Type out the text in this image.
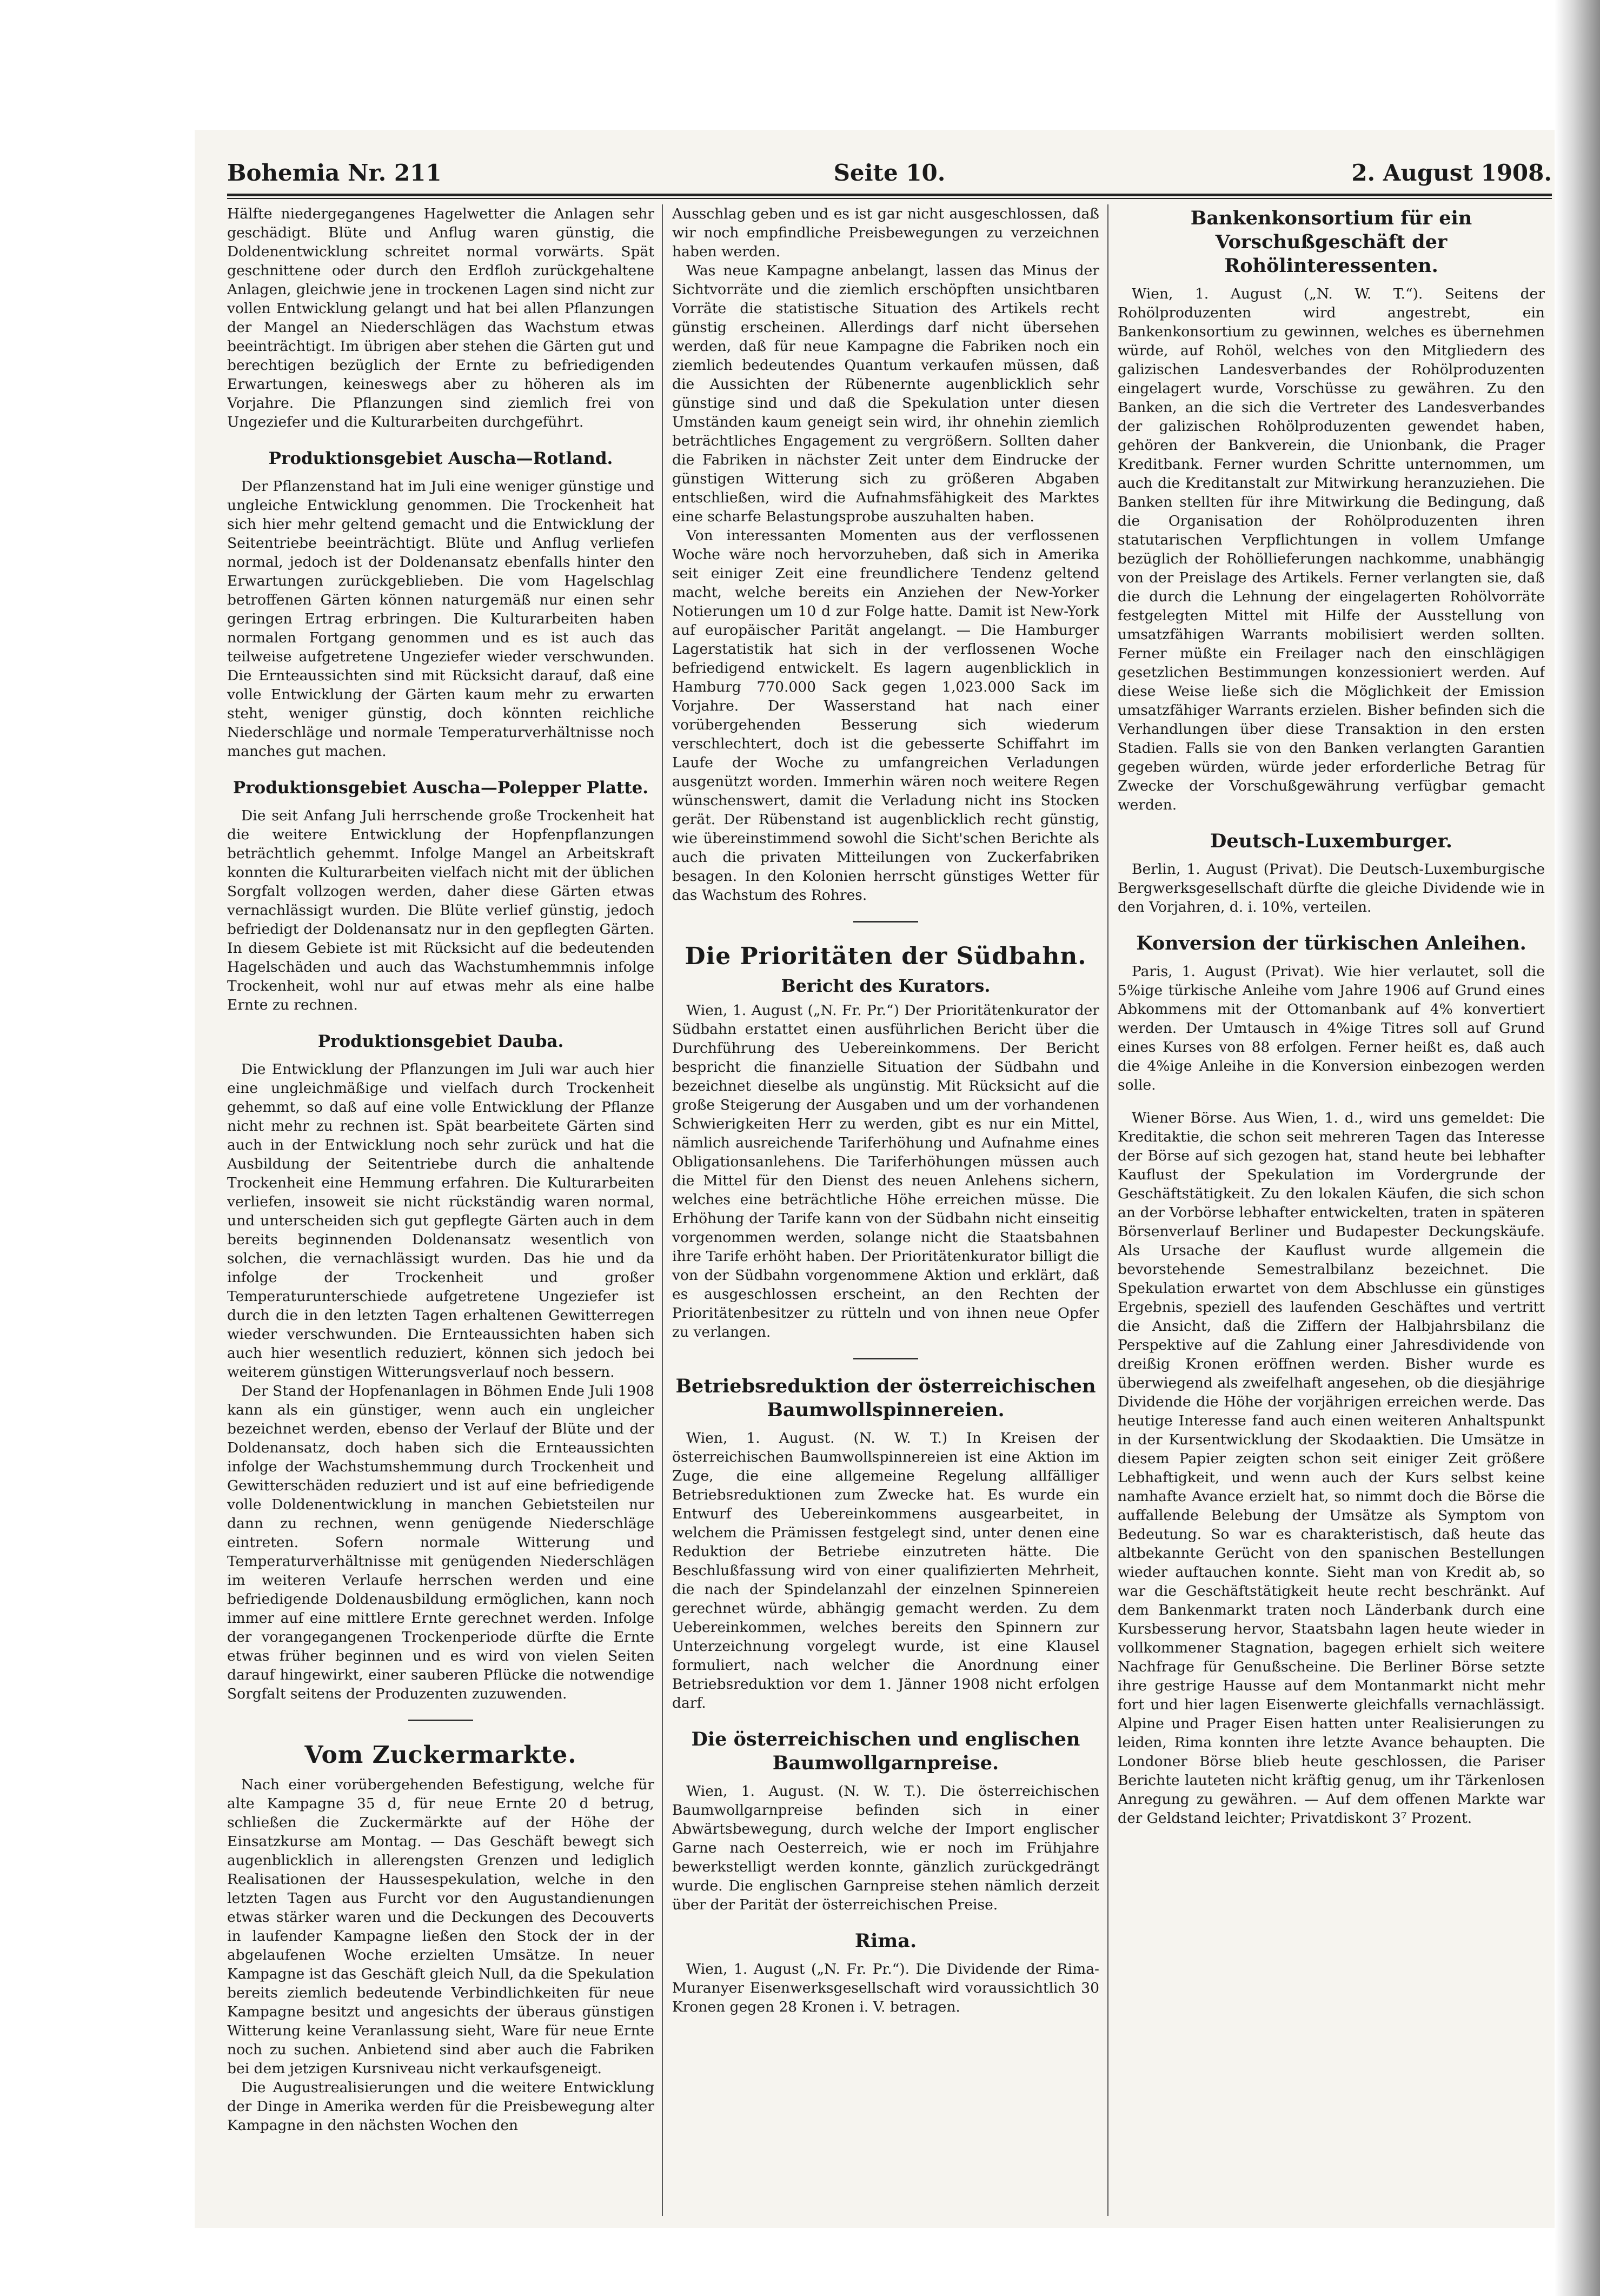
Bohemia Nr. 211	Seite 10.	2. August 1908.

Hälfte niedergegangenes Hagelwetter die Anlagen sehr geschädigt. Blüte und Anflug waren günstig, die Doldenentwicklung schreitet normal vorwärts. Spät geschnittene oder durch den Erdfloh zurückgehaltene Anlagen, gleichwie jene in trockenen Lagen sind nicht zur vollen Entwicklung gelangt und hat bei allen Pflanzungen der Mangel an Niederschlägen das Wachstum etwas beeinträchtigt. Im übrigen aber stehen die Gärten gut und berechtigen bezüglich der Ernte zu befriedigenden Erwartungen, keineswegs aber zu höheren als im Vorjahre. Die Pflanzungen sind ziemlich frei von Ungeziefer und die Kulturarbeiten durchgeführt.

Produktionsgebiet Auscha—Rotland.

Der Pflanzenstand hat im Juli eine weniger günstige und ungleiche Entwicklung genommen. Die Trockenheit hat sich hier mehr geltend gemacht und die Entwicklung der Seitentriebe beeinträchtigt. Blüte und Anflug verliefen normal, jedoch ist der Doldenansatz ebenfalls hinter den Erwartungen zurückgeblieben. Die vom Hagelschlag betroffenen Gärten können naturgemäß nur einen sehr geringen Ertrag erbringen. Die Kulturarbeiten haben normalen Fortgang genommen und es ist auch das teilweise aufgetretene Ungeziefer wieder verschwunden. Die Ernteaussichten sind mit Rücksicht darauf, daß eine volle Entwicklung der Gärten kaum mehr zu erwarten steht, weniger günstig, doch könnten reichliche Niederschläge und normale Temperaturverhältnisse noch manches gut machen.

Produktionsgebiet Auscha—Polepper Platte.

Die seit Anfang Juli herrschende große Trockenheit hat die weitere Entwicklung der Hopfenpflanzungen beträchtlich gehemmt. Infolge Mangel an Arbeitskraft konnten die Kulturarbeiten vielfach nicht mit der üblichen Sorgfalt vollzogen werden, daher diese Gärten etwas vernachlässigt wurden. Die Blüte verlief günstig, jedoch befriedigt der Doldenansatz nur in den gepflegten Gärten. In diesem Gebiete ist mit Rücksicht auf die bedeutenden Hagelschäden und auch das Wachstumhemmnis infolge Trockenheit, wohl nur auf etwas mehr als eine halbe Ernte zu rechnen.

Produktionsgebiet Dauba.

Die Entwicklung der Pflanzungen im Juli war auch hier eine ungleichmäßige und vielfach durch Trockenheit gehemmt, so daß auf eine volle Entwicklung der Pflanze nicht mehr zu rechnen ist. Spät bearbeitete Gärten sind auch in der Entwicklung noch sehr zurück und hat die Ausbildung der Seitentriebe durch die anhaltende Trockenheit eine Hemmung erfahren. Die Kulturarbeiten verliefen, insoweit sie nicht rückständig waren normal, und unterscheiden sich gut gepflegte Gärten auch in dem bereits beginnenden Doldenansatz wesentlich von solchen, die vernachlässigt wurden. Das hie und da infolge der Trockenheit und großer Temperaturunterschiede aufgetretene Ungeziefer ist durch die in den letzten Tagen erhaltenen Gewitterregen wieder verschwunden. Die Ernteaussichten haben sich auch hier wesentlich reduziert, können sich jedoch bei weiterem günstigen Witterungsverlauf noch bessern.

Der Stand der Hopfenanlagen in Böhmen Ende Juli 1908 kann als ein günstiger, wenn auch ein ungleicher bezeichnet werden, ebenso der Verlauf der Blüte und der Doldenansatz, doch haben sich die Ernteaussichten infolge der Wachstumshemmung durch Trockenheit und Gewitterschäden reduziert und ist auf eine befriedigende volle Doldenentwicklung in manchen Gebietsteilen nur dann zu rechnen, wenn genügende Niederschläge eintreten. Sofern normale Witterung und Temperaturverhältnisse mit genügenden Niederschlägen im weiteren Verlaufe herrschen werden und eine befriedigende Doldenausbildung ermöglichen, kann noch immer auf eine mittlere Ernte gerechnet werden. Infolge der vorangegangenen Trockenperiode dürfte die Ernte etwas früher beginnen und es wird von vielen Seiten darauf hingewirkt, einer sauberen Pflücke die notwendige Sorgfalt seitens der Produzenten zuzuwenden.

Vom Zuckermarkte.

Nach einer vorübergehenden Befestigung, welche für alte Kampagne 35 d, für neue Ernte 20 d betrug, schließen die Zuckermärkte auf der Höhe der Einsatzkurse am Montag. — Das Geschäft bewegt sich augenblicklich in allerengsten Grenzen und lediglich Realisationen der Haussespekulation, welche in den letzten Tagen aus Furcht vor den Augustandienungen etwas stärker waren und die Deckungen des Decouverts in laufender Kampagne ließen den Stock der in der abgelaufenen Woche erzielten Umsätze. In neuer Kampagne ist das Geschäft gleich Null, da die Spekulation bereits ziemlich bedeutende Verbindlichkeiten für neue Kampagne besitzt und angesichts der überaus günstigen Witterung keine Veranlassung sieht, Ware für neue Ernte noch zu suchen. Anbietend sind aber auch die Fabriken bei dem jetzigen Kursniveau nicht verkaufsgeneigt.

Die Augustrealisierungen und die weitere Entwicklung der Dinge in Amerika werden für die Preisbewegung alter Kampagne in den nächsten Wochen den

Ausschlag geben und es ist gar nicht ausgeschlossen, daß wir noch empfindliche Preisbewegungen zu verzeichnen haben werden.

Was neue Kampagne anbelangt, lassen das Minus der Sichtvorräte und die ziemlich erschöpften unsichtbaren Vorräte die statistische Situation des Artikels recht günstig erscheinen. Allerdings darf nicht übersehen werden, daß für neue Kampagne die Fabriken noch ein ziemlich bedeutendes Quantum verkaufen müssen, daß die Aussichten der Rübenernte augenblicklich sehr günstige sind und daß die Spekulation unter diesen Umständen kaum geneigt sein wird, ihr ohnehin ziemlich beträchtliches Engagement zu vergrößern. Sollten daher die Fabriken in nächster Zeit unter dem Eindrucke der günstigen Witterung sich zu größeren Abgaben entschließen, wird die Aufnahmsfähigkeit des Marktes eine scharfe Belastungsprobe auszuhalten haben.

Von interessanten Momenten aus der verflossenen Woche wäre noch hervorzuheben, daß sich in Amerika seit einiger Zeit eine freundlichere Tendenz geltend macht, welche bereits ein Anziehen der New-Yorker Notierungen um 10 d zur Folge hatte. Damit ist New-York auf europäischer Parität angelangt. — Die Hamburger Lagerstatistik hat sich in der verflossenen Woche befriedigend entwickelt. Es lagern augenblicklich in Hamburg 770.000 Sack gegen 1,023.000 Sack im Vorjahre. Der Wasserstand hat nach einer vorübergehenden Besserung sich wiederum verschlechtert, doch ist die gebesserte Schiffahrt im Laufe der Woche zu umfangreichen Verladungen ausgenützt worden. Immerhin wären noch weitere Regen wünschenswert, damit die Verladung nicht ins Stocken gerät. Der Rübenstand ist augenblicklich recht günstig, wie übereinstimmend sowohl die Sicht'schen Berichte als auch die privaten Mitteilungen von Zuckerfabriken besagen. In den Kolonien herrscht günstiges Wetter für das Wachstum des Rohres.

Die Prioritäten der Südbahn.
Bericht des Kurators.

Wien, 1. August („N. Fr. Pr.“) Der Prioritätenkurator der Südbahn erstattet einen ausführlichen Bericht über die Durchführung des Uebereinkommens. Der Bericht bespricht die finanzielle Situation der Südbahn und bezeichnet dieselbe als ungünstig. Mit Rücksicht auf die große Steigerung der Ausgaben und um der vorhandenen Schwierigkeiten Herr zu werden, gibt es nur ein Mittel, nämlich ausreichende Tariferhöhung und Aufnahme eines Obligationsanlehens. Die Tariferhöhungen müssen auch die Mittel für den Dienst des neuen Anlehens sichern, welches eine beträchtliche Höhe erreichen müsse. Die Erhöhung der Tarife kann von der Südbahn nicht einseitig vorgenommen werden, solange nicht die Staatsbahnen ihre Tarife erhöht haben. Der Prioritätenkurator billigt die von der Südbahn vorgenommene Aktion und erklärt, daß es ausgeschlossen erscheint, an den Rechten der Prioritätenbesitzer zu rütteln und von ihnen neue Opfer zu verlangen.

Betriebsreduktion der österreichischen Baumwollspinnereien.

Wien, 1. August. (N. W. T.) In Kreisen der österreichischen Baumwollspinnereien ist eine Aktion im Zuge, die eine allgemeine Regelung allfälliger Betriebsreduktionen zum Zwecke hat. Es wurde ein Entwurf des Uebereinkommens ausgearbeitet, in welchem die Prämissen festgelegt sind, unter denen eine Reduktion der Betriebe einzutreten hätte. Die Beschlußfassung wird von einer qualifizierten Mehrheit, die nach der Spindelanzahl der einzelnen Spinnereien gerechnet würde, abhängig gemacht werden. Zu dem Uebereinkommen, welches bereits den Spinnern zur Unterzeichnung vorgelegt wurde, ist eine Klausel formuliert, nach welcher die Anordnung einer Betriebsreduktion vor dem 1. Jänner 1908 nicht erfolgen darf.

Die österreichischen und englischen Baumwollgarnpreise.

Wien, 1. August. (N. W. T.). Die österreichischen Baumwollgarnpreise befinden sich in einer Abwärtsbewegung, durch welche der Import englischer Garne nach Oesterreich, wie er noch im Frühjahre bewerkstelligt werden konnte, gänzlich zurückgedrängt wurde. Die englischen Garnpreise stehen nämlich derzeit über der Parität der österreichischen Preise.

Rima.

Wien, 1. August („N. Fr. Pr.“). Die Dividende der Rima-Muranyer Eisenwerksgesellschaft wird voraussichtlich 30 Kronen gegen 28 Kronen i. V. betragen.

Bankenkonsortium für ein Vorschußgeschäft der Rohölinteressenten.

Wien, 1. August („N. W. T.“). Seitens der Rohölproduzenten wird angestrebt, ein Bankenkonsortium zu gewinnen, welches es übernehmen würde, auf Rohöl, welches von den Mitgliedern des galizischen Landesverbandes der Rohölproduzenten eingelagert wurde, Vorschüsse zu gewähren. Zu den Banken, an die sich die Vertreter des Landesverbandes der galizischen Rohölproduzenten gewendet haben, gehören der Bankverein, die Unionbank, die Prager Kreditbank. Ferner wurden Schritte unternommen, um auch die Kreditanstalt zur Mitwirkung heranzuziehen. Die Banken stellten für ihre Mitwirkung die Bedingung, daß die Organisation der Rohölproduzenten ihren statutarischen Verpflichtungen in vollem Umfange bezüglich der Rohöllieferungen nachkomme, unabhängig von der Preislage des Artikels. Ferner verlangten sie, daß die durch die Lehnung der eingelagerten Rohölvorräte festgelegten Mittel mit Hilfe der Ausstellung von umsatzfähigen Warrants mobilisiert werden sollten. Ferner müßte ein Freilager nach den einschlägigen gesetzlichen Bestimmungen konzessioniert werden. Auf diese Weise ließe sich die Möglichkeit der Emission umsatzfähiger Warrants erzielen. Bisher befinden sich die Verhandlungen über diese Transaktion in den ersten Stadien. Falls sie von den Banken verlangten Garantien gegeben würden, würde jeder erforderliche Betrag für Zwecke der Vorschußgewährung verfügbar gemacht werden.

Deutsch-Luxemburger.

Berlin, 1. August (Privat). Die Deutsch-Luxemburgische Bergwerksgesellschaft dürfte die gleiche Dividende wie in den Vorjahren, d. i. 10%, verteilen.

Konversion der türkischen Anleihen.

Paris, 1. August (Privat). Wie hier verlautet, soll die 5%ige türkische Anleihe vom Jahre 1906 auf Grund eines Abkommens mit der Ottomanbank auf 4% konvertiert werden. Der Umtausch in 4%ige Titres soll auf Grund eines Kurses von 88 erfolgen. Ferner heißt es, daß auch die 4%ige Anleihe in die Konversion einbezogen werden solle.

Wiener Börse. Aus Wien, 1. d., wird uns gemeldet: Die Kreditaktie, die schon seit mehreren Tagen das Interesse der Börse auf sich gezogen hat, stand heute bei lebhafter Kauflust der Spekulation im Vordergrunde der Geschäftstätigkeit. Zu den lokalen Käufen, die sich schon an der Vorbörse lebhafter entwickelten, traten in späteren Börsenverlauf Berliner und Budapester Deckungskäufe. Als Ursache der Kauflust wurde allgemein die bevorstehende Semestralbilanz bezeichnet. Die Spekulation erwartet von dem Abschlusse ein günstiges Ergebnis, speziell des laufenden Geschäftes und vertritt die Ansicht, daß die Ziffern der Halbjahrsbilanz die Perspektive auf die Zahlung einer Jahresdividende von dreißig Kronen eröffnen werden. Bisher wurde es überwiegend als zweifelhaft angesehen, ob die diesjährige Dividende die Höhe der vorjährigen erreichen werde. Das heutige Interesse fand auch einen weiteren Anhaltspunkt in der Kursentwicklung der Skodaaktien. Die Umsätze in diesem Papier zeigten schon seit einiger Zeit größere Lebhaftigkeit, und wenn auch der Kurs selbst keine namhafte Avance erzielt hat, so nimmt doch die Börse die auffallende Belebung der Umsätze als Symptom von Bedeutung. So war es charakteristisch, daß heute das altbekannte Gerücht von den spanischen Bestellungen wieder auftauchen konnte. Sieht man von Kredit ab, so war die Geschäftstätigkeit heute recht beschränkt. Auf dem Bankenmarkt traten noch Länderbank durch eine Kursbesserung hervor, Staatsbahn lagen heute wieder in vollkommener Stagnation, bagegen erhielt sich weitere Nachfrage für Genußscheine. Die Berliner Börse setzte ihre gestrige Hausse auf dem Montanmarkt nicht mehr fort und hier lagen Eisenwerte gleichfalls vernachlässigt. Alpine und Prager Eisen hatten unter Realisierungen zu leiden, Rima konnten ihre letzte Avance behaupten. Die Londoner Börse blieb heute geschlossen, die Pariser Berichte lauteten nicht kräftig genug, um ihr Tärkenlosen Anregung zu gewähren. — Auf dem offenen Markte war der Geldstand leichter; Privatdiskont 3⁷ Prozent.
